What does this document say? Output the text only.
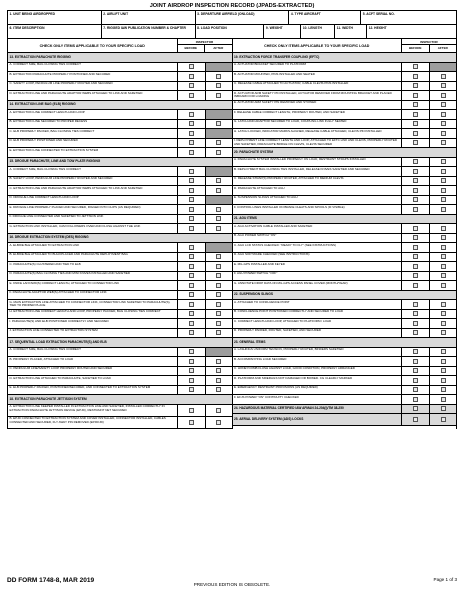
JOINT AIRDROP INSPECTION RECORD (JPADS-EXTRACTED)
1. UNIT BEING AIRDROPPED	2. AIRLIFT UNIT	3. DEPARTURE AIRFIELD (ONLOAD)	4. TYPE AIRCRAFT	5. ACFT SERIAL NO.
6. ITEM DESCRIPTION	7. RIGGED IAW PUBLICATION NUMBER & CHAPTER	8. LOAD POSITION	9. WEIGHT	10. LENGTH	11. WIDTH	12. HEIGHT
CHECK ONLY ITEMS APPLICABLE TO YOUR SPECIFIC LOAD
INSPECTOR
BEFORE	AFTER
13. EXTRACTION PARACHUTE RIGGING
A. CORRECT SIZE, BAG CLOSING TIES CORRECT
B. EXTRACTION PARACHUTE PROPERLY POSITIONED AND SECURED
C. SAFETY LOOP, PENDULUM LINE PROPERLY ROUTED AND SECURED
D. EXTRACTION LINE AND PARACHUTE ADAPTOR WEBS ATTACHED TO LINK AND SAFETIED
14. EXTRACTION LINE BAG (ELB) RIGGING
A. EXTRACTION LINE CORRECT LENGTH AND LOOP
B. EXTRACTION LINE SECURED TO PROPER RECESS
C. ELB PROPERLY PACKED, BAG CLOSING TIES CORRECT
D. ELB PROPERLY POSITIONED AND SECURED
E. EXTRACTION LINE CONNECTED TO EXTRACTION SYSTEM
15. DROGUE PARACHUTE, LINE AND TOW PLATE RIGGING
A. CORRECT SIZE, BAG CLOSING TIES CORRECT
B. SAFETY LOOP, PENDULUM LINE PROPERLY ROUTED AND SECURED
C. EXTRACTION LINE AND PARACHUTE ADAPTOR WEBS ATTACHED TO LINK AND SAFETIED
D. DROGUE LINE CORRECT LENGTH AND LOOP
E. DROGUE LINE PROPERLY PLACED AND SECURED, RIGGED INTO CLIPS (AS REQUIRED)
F. DROGUE LINE CONNECTED AND SAFETIED TO JETTISON LINK
G. EXTRACTION LINK INSTALLED, CAM FOLLOWERS OVER AND FLUSH AGAINST THE LINK
16. DROGUE EXTRACTION SYSTEM (DES) RIGGING
A. ELB/DE BLE ATTACHED TO EXTRACTION LINK
B. ELB/DE BLE ATTACHED TO BULKIPLACED AND PARACHUTE DEPLOYMENT BAG
C. PARACHUTE(S) CLUSTERED AND TIED TO ELB
D. PARACHUTE(S) BAG CLOSING TIES AND MINI KNIVES INSTALLED AND SAFETIED
E. KNIFE LANYARD(S) CORRECT LENGTH, ATTACHED TO CONNECTOR LINK
F. PARACHUTE ADAPTOR WEB(S) ATTACHED TO CONNECTOR LINK
G. MAIN EXTRACTION LINE ATTACHED TO CONNECTOR LINK, CONNECTOR LINK SAFETIED TO PARACHUTE(S), TIED TO PROPER PLACE
H. EXTRACTION LINE CORRECT LENGTH AND LOOP, PROPERLY PACKED, BAG CLOSING TIES CORRECT
I. PARACHUTE(S) AND ELB POSITIONED CORRECTLY AND SECURED
J. EXTRACTION LINE CONNECTED TO EXTRACTION SYSTEM
17. SEQUENTIAL LOAD EXTRACTION PARACHUTE(S) AND ELB
A. CORRECT SIZE, BAG CLOSING TIES CORRECT
B. PROPERLY PLACED, ATTACHED TO LOAD
C. PENDULUM LINE/SAFETY LOOP PROPERLY ROUTED AND SECURED
D. EXTRACTION LINE ATTACHED TO PARACHUTE, SAFETIED TO LOAD
E. ELB PROPERLY PACKED, POSITIONED/SECURED, AND CONNECTED TO EXTRACTION SYSTEM
18. EXTRACTION PARACHUTE JETTISON SYSTEM
A. EXTRACTION LINE KEEPER INSTALLED IN EXTRACTION LINE AND SAFETIED, INSTALLED CORRECTLY IN EXTRACTION PARACHUTE JETTISON DEVICE (EPJD), RESTRAINT NET SECURED
B. EPJD CONNECTED TO EXTRACTION SYSTEM AND COVER INSTALLED, CONNECTOR INSTALLED, CABLES CONNECTED AND SECURED, FLY AWAY PIN REMOVED (EPJD/JD)
CHECK ONLY ITEMS APPLICABLE TO YOUR SPECIFIC LOAD
INSPECTOR
BEFORE	AFTER
19. EXTRACTION FORCE TRANSFER COUPLING (EFTC)
A. ACTUATOR BRACKET SECURED TO PLATFORM
B. ACTUATOR MOUNTED, PINS INSTALLED AND SEATED
C. RELEASE CABLE ATTACHED TO ACTUATOR, CABLE CLEVIS PINS INSTALLED
D. ACTUATOR ARM SAFETY PIN INSTALLED, ACTUATOR REMOVED FROM MOUNTING BRACKET AND PLACED INBOARD FOR LOADING
E. ACTUATOR ARM SAFETY PIN REMOVED AND STOWED
F. RELEASE CABLE CORRECT LENGTH, PROPERLY ROUTED, AND SAFETIED
G. LATCH AND ADAPTOR SECURED TO LOAD, COUPLING LINK FULLY SEATED
H. LATCH LOCKED, INDICATOR MARKS ALIGNED, RELEASE CABLE ATTACHED, CLEVIS PIN INSTALLED
I. DEPLOYMENT LINE CORRECT LENGTH AND LOOP, ATTACHED TO EFTC LINK AND CLEVIS, PROPERLY ROUTED AND SAFETIED, PARACHUTE BRIDLE ON CLEVIS, CLEVIS SECURED
20. PARACHUTE SYSTEM
A. PARACHUTE SYSTEM INSTALLED PROPERLY ON LOAD, RESTRAINT STRAPS INSTALLED
B. DEPLOYMENT BAG CLOSING TIES INSTALLED, RELEASE KNIVES SAFETIED AND SECURED
C. RELEASE STRAP(S) PROPERLY ROUTED, ATTACHED TO MEDIUM CLEVIS
D. PARACHUTE ATTACHED TO AGU
E. SUSPENSION SLINGS ATTACHED TO AGU
F. CONTROL LINES INSTALLED ON BRAKE CLEATS AND SPOOLS (IF VISIBLE)
21. AGU ITEMS
A. AGU ACTIVATION CABLE INSTALLED AND SAFETIED
B. AGU POWER SWITCH "ON"
C. AGU LCD STATUS CHECKED: "READY TO FLY" (SEE INSTRUCTIONS)
D. AGU SOFTWARE CHECKED (SEE INSTRUCTIONS)
E. MIL-GPS INSTALLED AND KEYED
F. AGU POWER SWITCH "OFF"
G. ANNOTATE DROP DATA ON MIL-GPS ACCESS PANEL COVER (MONTH/YEAR)
22. SUSPENSION SLINGS
A. ATTACHED TO CONFLUENCE POINT
B. CONFLUENCE POINT POSITIONED CORRECTLY AND SECURED TO LOAD
C. CORRECT LENGTH AND LOOP, ATTACHED TO PLATFORM / LOAD
D. PROPERLY PADDED, ROUTED, SAFETIED, AND SECURED
23. GENERAL ITEMS
A. LASHINGS UNIFORM TENSION, PROPERLY ROUTED, BINDERS SAFETIED
B. ACCOMPANYING LOAD SECURED
C. HONEYCOMB FLUSH AGAINST LOAD, GOOD CONDITION, PROPERLY ARRANGED
D. PLATFORM AND SIDERAILS NOT DAMAGED OR BOWED. CG CLEARLY MARKED
E. EMERGENCY RESTRAINT PROVISIONS (AS REQUIRED)
F. EFJS POWER "ON" CONTINUITY CHECKED
24. HAZARDOUS MATERIAL CERTIFIED IAW AFMAN 24-204(I)/TM 38-250
25. AERIAL DELIVERY SYSTEM (ADS) LOCKS
DD FORM 1748-8, MAR 2019
PREVIOUS EDITION IS OBSOLETE.
Page 1 of 3
